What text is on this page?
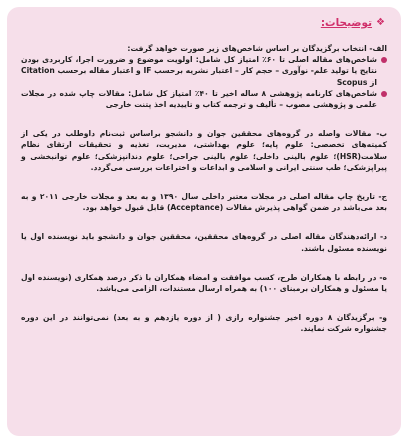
❖
توضیحات:
الف- انتخاب برگزیدگان بر اساس شاخص‌های زیر صورت خواهد گرفت:
شاخص‌های مقاله اصلی تا ۶۰٪ امتیاز کل شامل: اولویت موضوع و ضرورت اجرا، کاربردی بودن نتایج یا تولید علم- نوآوری – حجم کار – اعتبار نشریه برحسب IF و اعتبار مقاله برحسب Citation از Scopus
شاخص‌های کارنامه پژوهشی ۸ ساله اخیر تا ۴۰٪ امتیاز کل شامل: مقالات چاپ شده در مجلات علمی و پژوهشی مصوب – تألیف و ترجمه کتاب و تاییدیه اخذ پتنت خارجی
ب- مقالات واصله در گروه‌های محققین جوان و دانشجو براساس ثبت‌نام داوطلب در یکی از کمیته‌های تخصصی: علوم پایه؛ علوم بهداشتی، مدیریت، تغذیه و تحقیقات ارتقای نظام سلامت(HSR)؛ علوم بالینی داخلی؛ علوم بالینی جراحی؛ علوم دندانپزشکی؛ علوم توانبخشی و پیراپزشکی؛ طب سنتی ایرانی و اسلامی و ابداعات و اختراعات بررسی می‌گردد.
ج- تاریخ چاپ مقاله اصلی در مجلات معتبر داخلی سال ۱۳۹۰ و به بعد و مجلات خارجی ۲۰۱۱ و به بعد می‌باشد در ضمن گواهی پذیرش مقالات (Acceptance) قابل قبول خواهد بود.
د- ارائه‌دهندگان مقاله اصلی در گروه‌های محققین، محققین جوان و دانشجو باید نویسنده اول یا نویسنده مسئول باشند.
ه- در رابطه با همکاران طرح، کسب موافقت و امضاء همکاران با ذکر درصد همکاری (نویسنده اول یا مسئول و همکاران برمبنای ۱۰۰) به همراه ارسال مستندات، الزامی می‌باشد.
و- برگزیدگان ۸ دوره اخیر جشنواره رازی ( از دوره یازدهم و به بعد) نمی‌توانند در این دوره جشنواره شرکت نمایند.
